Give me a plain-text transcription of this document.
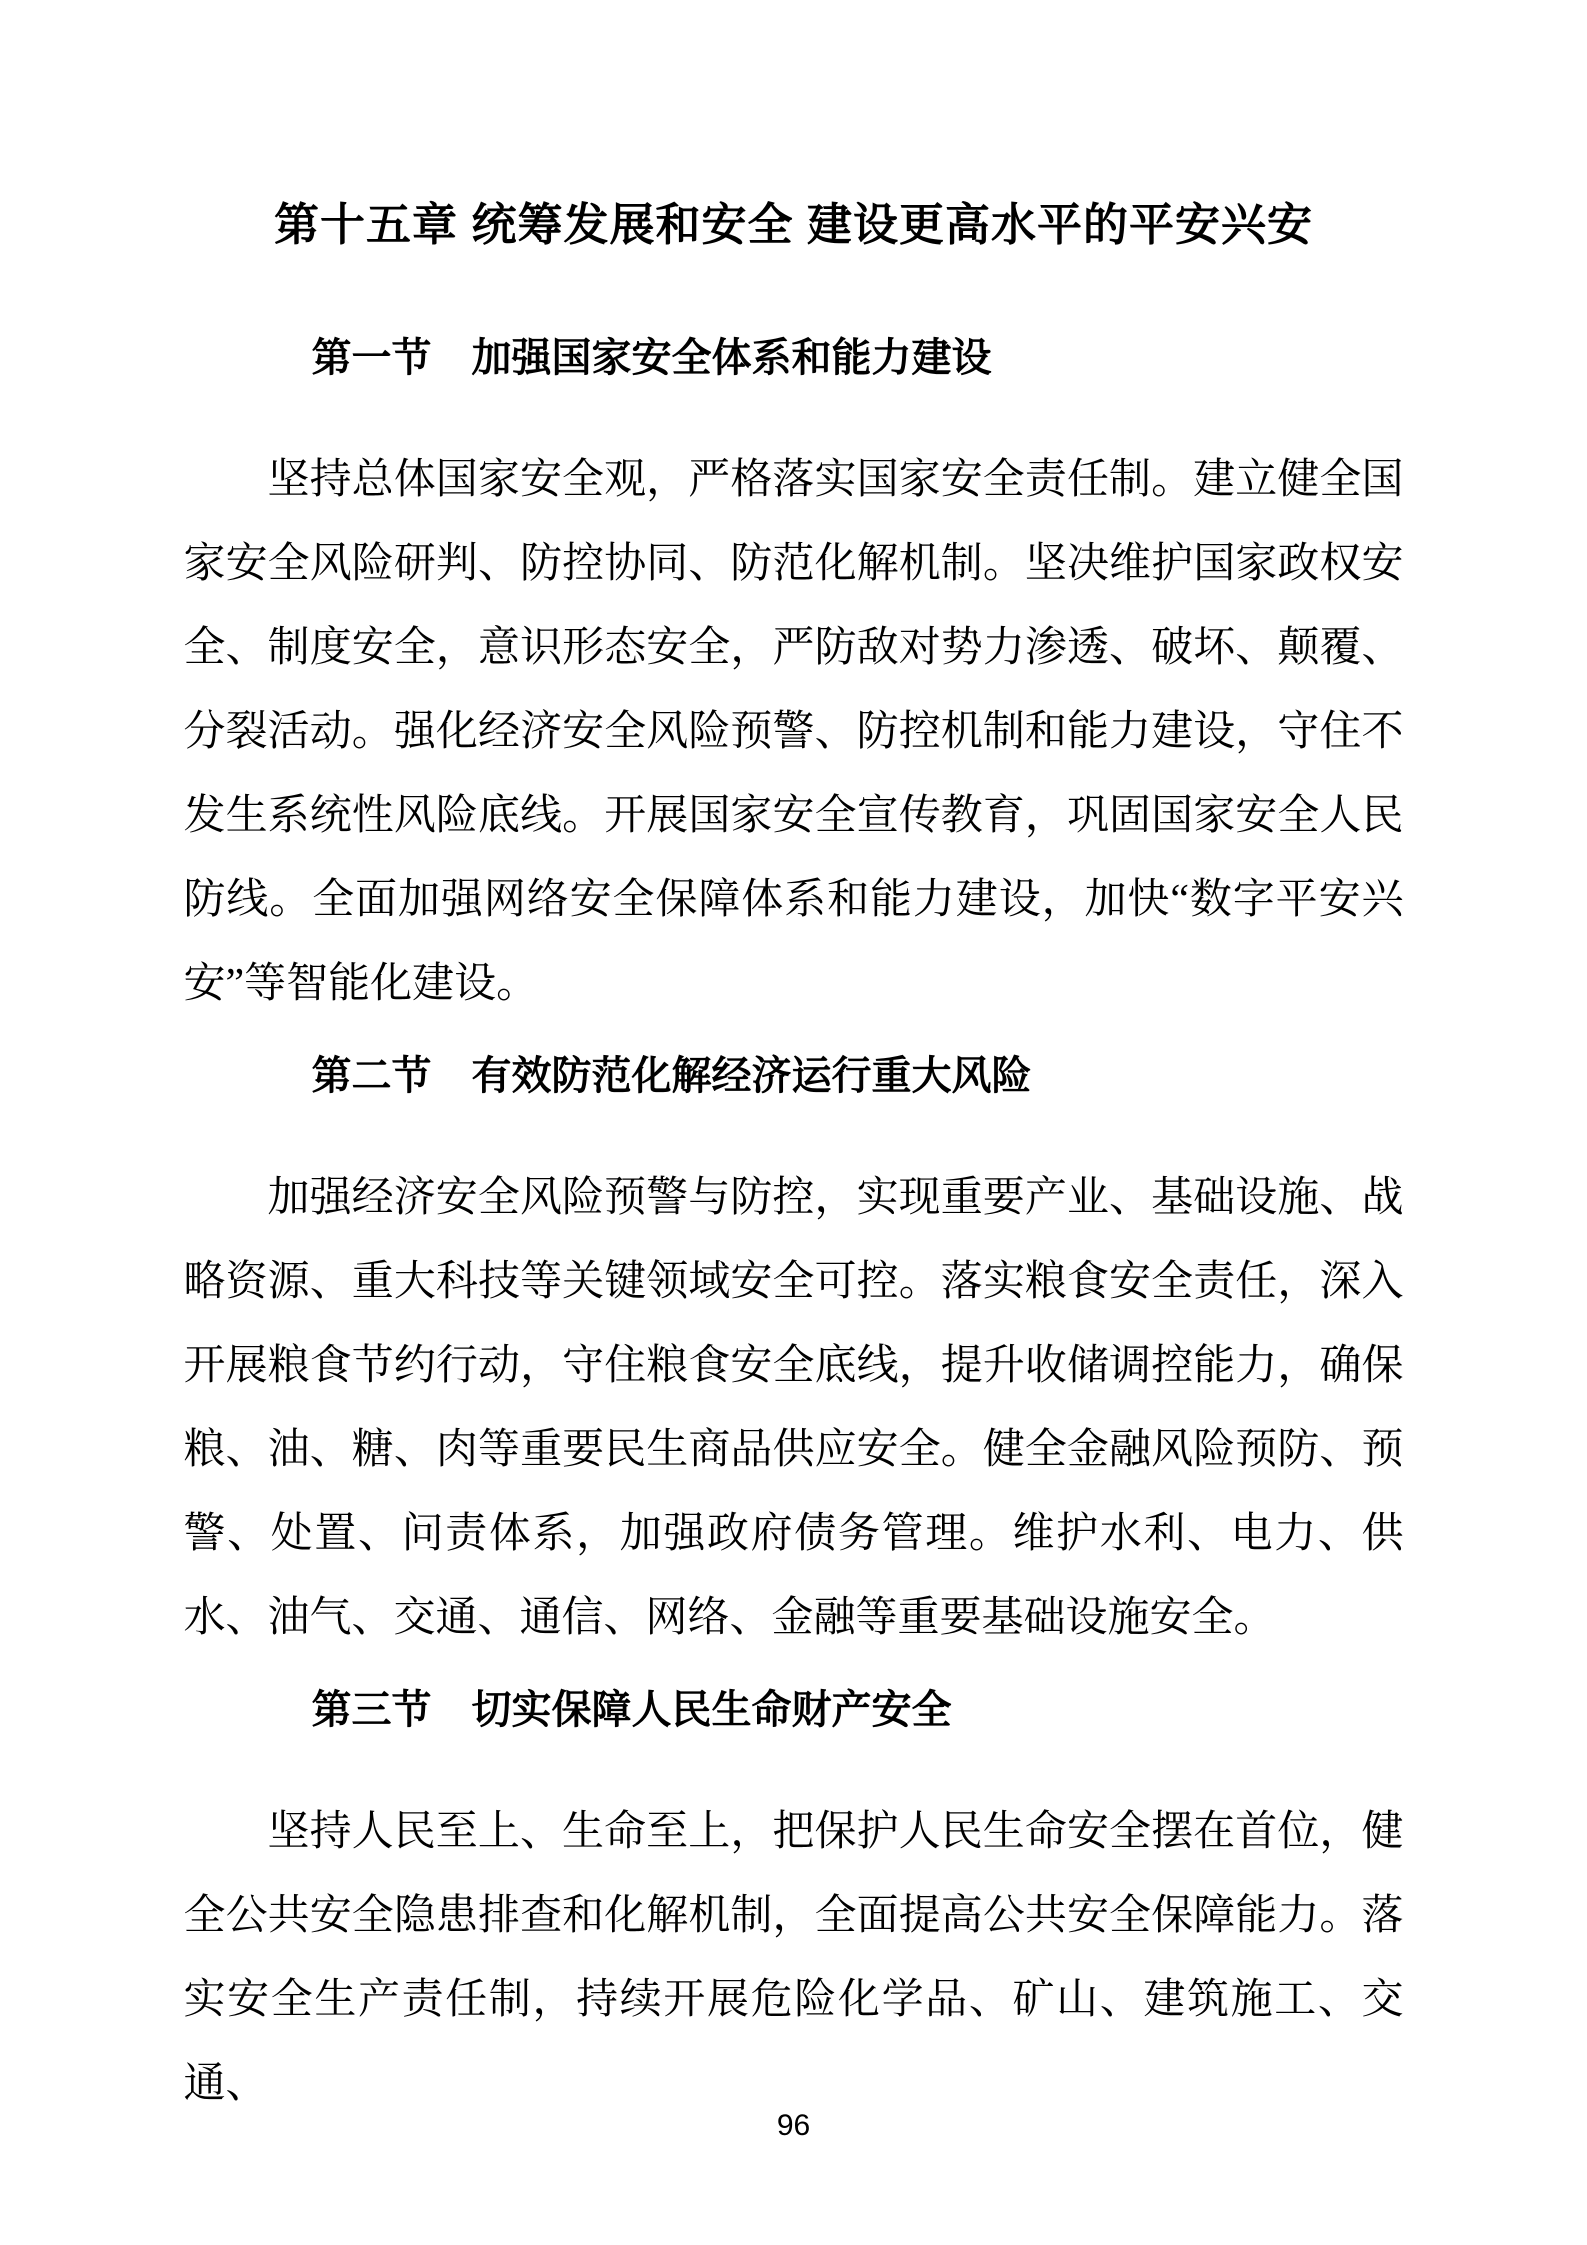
第十五章 统筹发展和安全 建设更高水平的平安兴安
第一节　加强国家安全体系和能力建设

坚持总体国家安全观，严格落实国家安全责任制。建立健全国家安全风险研判、防控协同、防范化解机制。坚决维护国家政权安全、制度安全，意识形态安全，严防敌对势力渗透、破坏、颠覆、分裂活动。强化经济安全风险预警、防控机制和能力建设，守住不发生系统性风险底线。开展国家安全宣传教育，巩固国家安全人民防线。全面加强网络安全保障体系和能力建设，加快“数字平安兴安”等智能化建设。

第二节　有效防范化解经济运行重大风险

加强经济安全风险预警与防控，实现重要产业、基础设施、战略资源、重大科技等关键领域安全可控。落实粮食安全责任，深入开展粮食节约行动，守住粮食安全底线，提升收储调控能力，确保粮、油、糖、肉等重要民生商品供应安全。健全金融风险预防、预警、处置、问责体系，加强政府债务管理。维护水利、电力、供水、油气、交通、通信、网络、金融等重要基础设施安全。

第三节　切实保障人民生命财产安全

坚持人民至上、生命至上，把保护人民生命安全摆在首位，健全公共安全隐患排查和化解机制，全面提高公共安全保障能力。落实安全生产责任制，持续开展危险化学品、矿山、建筑施工、交通、

96
